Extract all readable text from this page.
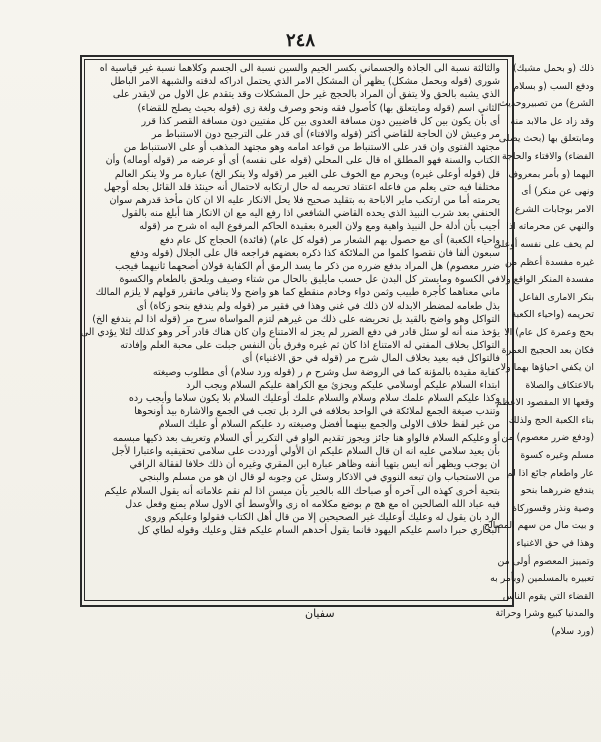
٢٤٨
والثالثة نسبة الى الجاذة والجسماني بكسر الجيم والسين نسبة الى الجسم وكلاهما نسبة غير قياسية اه
شورى (قوله وبحمل مشكل) يظهر أن المشكل الامر الذي يحتمل ادراكه لدقته والشبهة الامر الباطل
الذي يشبه بالحق ولا يتفق أن المراد بالحجج غير حل المشكلات وقد يتقدم عل الاول من لايقدر على
الثاني اسم (قوله ومايتعلق بها) كأصول فقه ونحو وصرف ولغة زى (قوله بحيث يصلح للقضاء)
أى بأن يكون بين كل قاضيين دون مسافة العدوى بين كل مفتيين دون مسافة القصر كذا قرر
مر وعيش لان الحاجة للقاضي أكثر (قوله والافتاء) أى قدر على الترجيح دون الاستنباط مر
مجتهد الفتوى وان قدر على الاستنباط من قواعد امامه وهو مجتهد المذهب أو على الاستنباط من
الكتاب والسنة فهو المطلق اه قال على المحلي (قوله على نفسه) أى أو عرضه مر (قوله أوماله) وأن
قل (قوله أوعلى غيره) ويحرم مع الخوف على الغير مر (قوله ولا ينكر الخ) عبارة مر ولا ينكر العالم
مختلفا فيه حتى يعلم من فاعله اعتقاد تحريمه له حال ارتكابه لاحتمال أنه حينئذ قلد القائل بحله أوجهل
يحرمته أما من ارتكب ماير الاباحة به بتقليد صحيح فلا يحل الانكار عليه الا ان كان مأخذ قدرهم سوان
الحنفي بعد شرب النبيذ الذي يحده القاضي الشافعي اذا رفع اليه مع ان الانكار هنا أبلغ منه بالقول
أجيب بأن أدلة حل النبيذ واهية ومع ولان العبرة بعقيدة الحاكم المرفوع اليه اه شرح مر (قوله
واحياء الكعبة) أى مع حصول بهم الشعار مر (قوله كل عام) (فائدة) الحجاج كل عام دفع
سبعون ألفا فان نقصوا كلموا من الملائكة كذا ذكره بعضهم فراجعه قال على الجلال (قوله ودفع
ضرر معصوم) هل المراد بدفع ضرره من ذكر ما يسد الرمق أم الكفاية قولان أصحهما ثانيهما فيجب
في الكسوة ومايستر كل البدن عل حسب مايليق بالحال من شتاء وصيف ويلحق بالطعام والكسوة
ماني معناهما كأجرة طبيب وثمن دواء وخادم منقطع كما هو واضح ولا ينافي ماتقرر قولهم لا يلزم المالك
بذل طعامه لمضطر الابدله لان ذلك في غني وهذا في فقير مر (قوله ولم يندفع بنحو زكاة) أى
التواكل وهو واضح بالقيد بل تحريضه على ذلك من غيرهم لتزم المواساة سرح مر (قوله اذا لم يندفع الخ)
يؤخذ منه أنه لو سئل قادر في دفع الضرر لم يجز له الامتناع وان كان هناك قادر آخر وهو كذلك لئلا يؤدي الى
التواكل بخلاف المفتي له الامتناع اذا كان ثم غيره وفرق بأن النفس جبلت على محبة العلم وإفادته
فالتواكل فيه بعيد بخلاف المال شرح مر (قوله في حق الاغنياء) أى
كفاية مقيدة بالمؤنة كما في الروضة سل وشرح م ر (قوله ورد سلام) أى مطلوب وصيغته
ابتداء السلام عليكم أوسلامي عليكم ويجزئ مع الكراهة عليكم السلام ويجب الرد
وكذا عليكم السلام علمك سلام وسلام والسلام علمك أوعليك السلام بلا يكون سلاما وأيجب رده
وتندب صيغة الجمع لملائكة في الواحد بخلافه في الرد بل تجب في الجمع والاشارة بيد أونحوها
من غير لفظ خلاف الاولى والجمع بينهما أفضل وصيغته رد عليكم السلام أو عليك السلام
أو وعليكم السلام فالواو هنا جائز ويجوز تقديم الواو في التكرير أي السلام وتعريف بعد ذكيها مبسمه
بأن يعيد سلامي عليه انه ان قال السلام عليكم ان الأولي أورددت على سلامي تحقيقيه واعتبارا لأجل
ان يوجب ويظهر أنه ايس بتهيا أنفه وظاهر عبارة ابن المقري وغيره أن ذلك خلافا لفقالة الراقي
من الاستحباب وان تبعه النووي في الاذكار وسئل عن وجوبه لو قال ان هو من مسلم والبنجي
بتحية أخرى كهذه الى آخره أو صباحك الله بالخير يأن ميسن اذا لم نقم علاماته أنه يقول السلام عليكم
فيه عباد الله الصالحين اه مع هج م بوضع مكلامه اه زى والأوسط أي الاول سلام يمنع وفعل عدل
الرد بان يقول له وعليك أوعليك غير الصحيحين إلا من قال أهل الكتاب فقولوا وعليكم وروى
البخاري حبرا داسم عليكم اليهود فانما يقول أحدهم السام عليكم فقل وعليك وقوله لطاي كل
ذلك (و بحمل مشبك)
ودفع السب (و بسلام
الشرع) من تصبيروحديث
وقد زاد عل مالابد منه
ومابتعلق بها (بحث يصلى
الفضاء) والافتاء والحاجة
اليهما (و بأمر بمعروف
ونهى عن منكر) أى
الامر بوجابات الشرع
والنهي عن محرماته اذا
لم يخف على نفسه أوعلى
غيره مفسدة أعظم من
مفسدة المنكر الواقع ولا
بنكر الامارى الفاعل
تحريمه (واحياء الكعبة
بحج وعمرة كل عام) الا
فكان بعد الحجيج العمرة
ان يكفي احياؤها بهما ولا
بالاعتكاف والصلاة
وقعها الا المقصود الاعظم
بناء الكعبة الحج ولذلك
(ودفع ضرر معصوم) من
مسلم وغيره كسوة
عار واطعام جائع اذا لم
يندفع ضررهما بنحو
وصية ونذر وقسوركاة
و بيت مال من سهم المصالح
وهذا في حق الاغنياء
وتمييز المعصوم أولى من
تعبيره بالمسلمين (وبأمر به
القضاء التي يقوم الناس
والمدنيا كبيع وشرا وحراثة
(ورد سلام)
سفيان
